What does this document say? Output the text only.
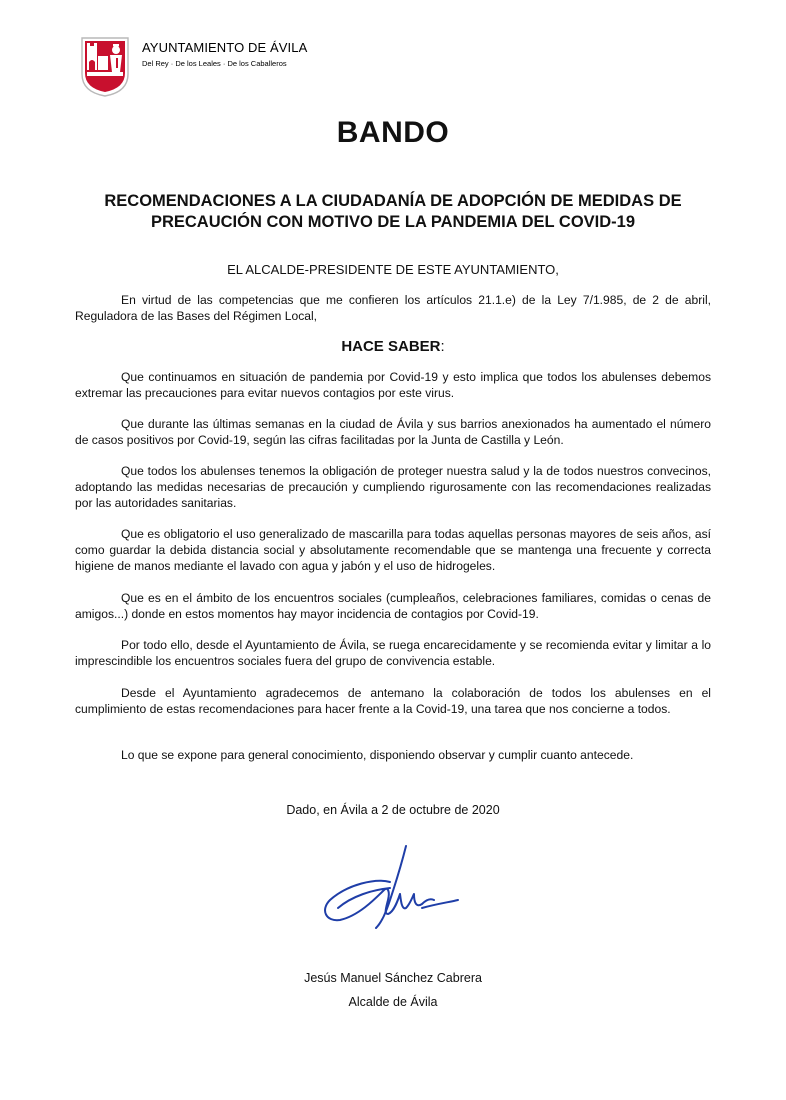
AYUNTAMIENTO DE ÁVILA
Del Rey · De los Leales · De los Caballeros
BANDO
RECOMENDACIONES A LA CIUDADANÍA DE ADOPCIÓN DE MEDIDAS DE PRECAUCIÓN CON MOTIVO DE LA PANDEMIA DEL COVID-19
EL ALCALDE-PRESIDENTE DE ESTE AYUNTAMIENTO,

En virtud de las competencias que me confieren los artículos 21.1.e) de la Ley 7/1.985, de 2 de abril, Reguladora de las Bases del Régimen Local,

HACE SABER:

Que continuamos en situación de pandemia por Covid-19 y esto implica que todos los abulenses debemos extremar las precauciones para evitar nuevos contagios por este virus.

Que durante las últimas semanas en la ciudad de Ávila y sus barrios anexionados ha aumentado el número de casos positivos por Covid-19, según las cifras facilitadas por la Junta de Castilla y León.

Que todos los abulenses tenemos la obligación de proteger nuestra salud y la de todos nuestros convecinos, adoptando las medidas necesarias de precaución y cumpliendo rigurosamente con las recomendaciones realizadas por las autoridades sanitarias.

Que es obligatorio el uso generalizado de mascarilla para todas aquellas personas mayores de seis años, así como guardar la debida distancia social y absolutamente recomendable que se mantenga una frecuente y correcta higiene de manos mediante el lavado con agua y jabón y el uso de hidrogeles.

Que es en el ámbito de los encuentros sociales (cumpleaños, celebraciones familiares, comidas o cenas de amigos...) donde en estos momentos hay mayor incidencia de contagios por Covid-19.

Por todo ello, desde el Ayuntamiento de Ávila, se ruega encarecidamente y se recomienda evitar y limitar a lo imprescindible los encuentros sociales fuera del grupo de convivencia estable.

Desde el Ayuntamiento agradecemos de antemano la colaboración de todos los abulenses en el cumplimiento de estas recomendaciones para hacer frente a la Covid-19, una tarea que nos concierne a todos.

Lo que se expone para general conocimiento, disponiendo observar y cumplir cuanto antecede.

Dado, en Ávila a 2 de octubre de 2020
Jesús Manuel Sánchez Cabrera
Alcalde de Ávila
